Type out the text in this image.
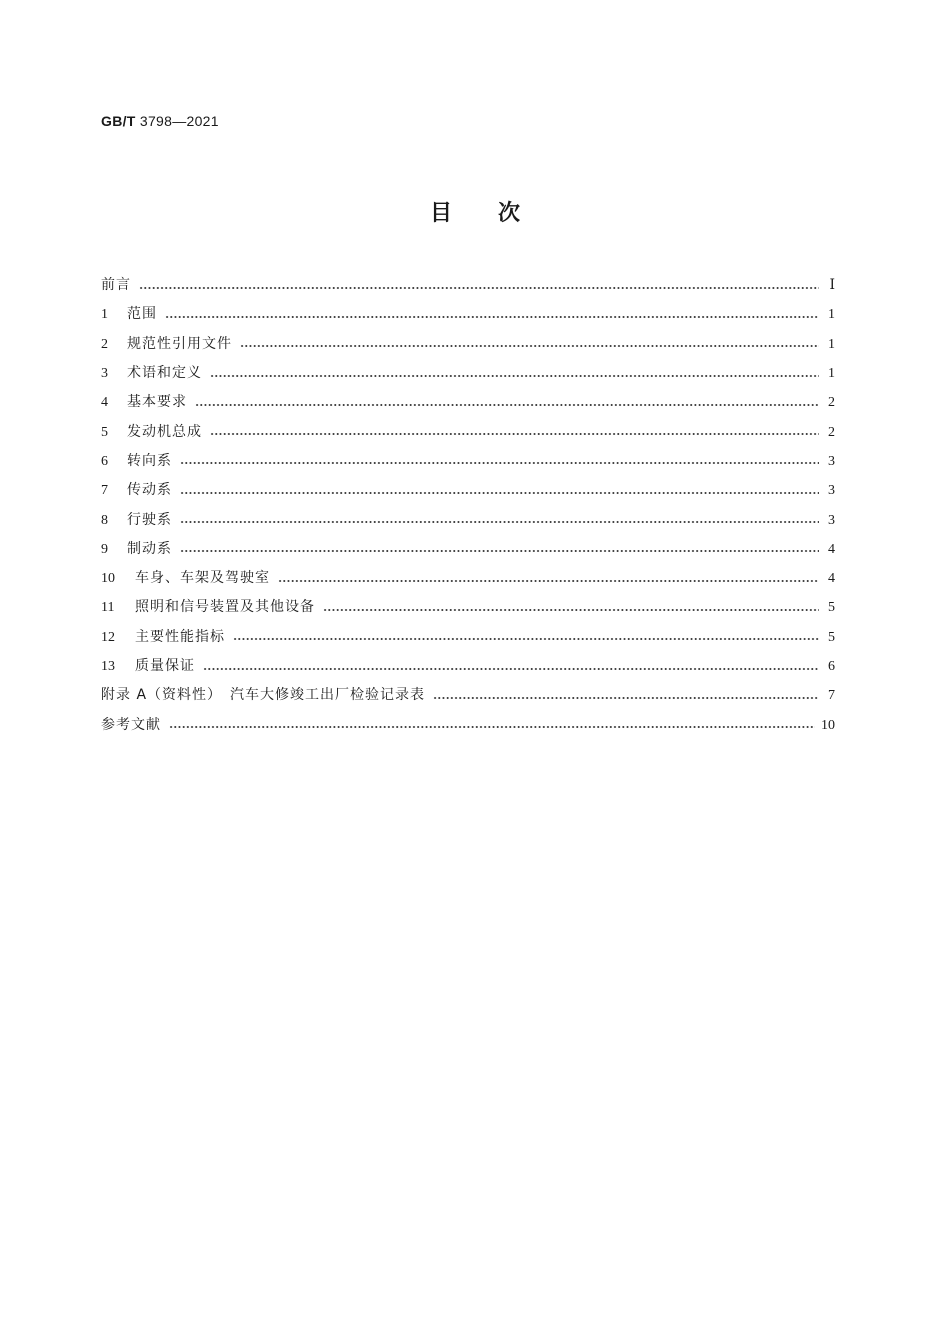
GB/T 3798—2021
目次
前言	Ⅰ
1	范围	1
2	规范性引用文件	1
3	术语和定义	1
4	基本要求	2
5	发动机总成	2
6	转向系	3
7	传动系	3
8	行驶系	3
9	制动系	4
10	车身、车架及驾驶室	4
11	照明和信号装置及其他设备	5
12	主要性能指标	5
13	质量保证	6
附录 A（资料性）　汽车大修竣工出厂检验记录表	7
参考文献	10
